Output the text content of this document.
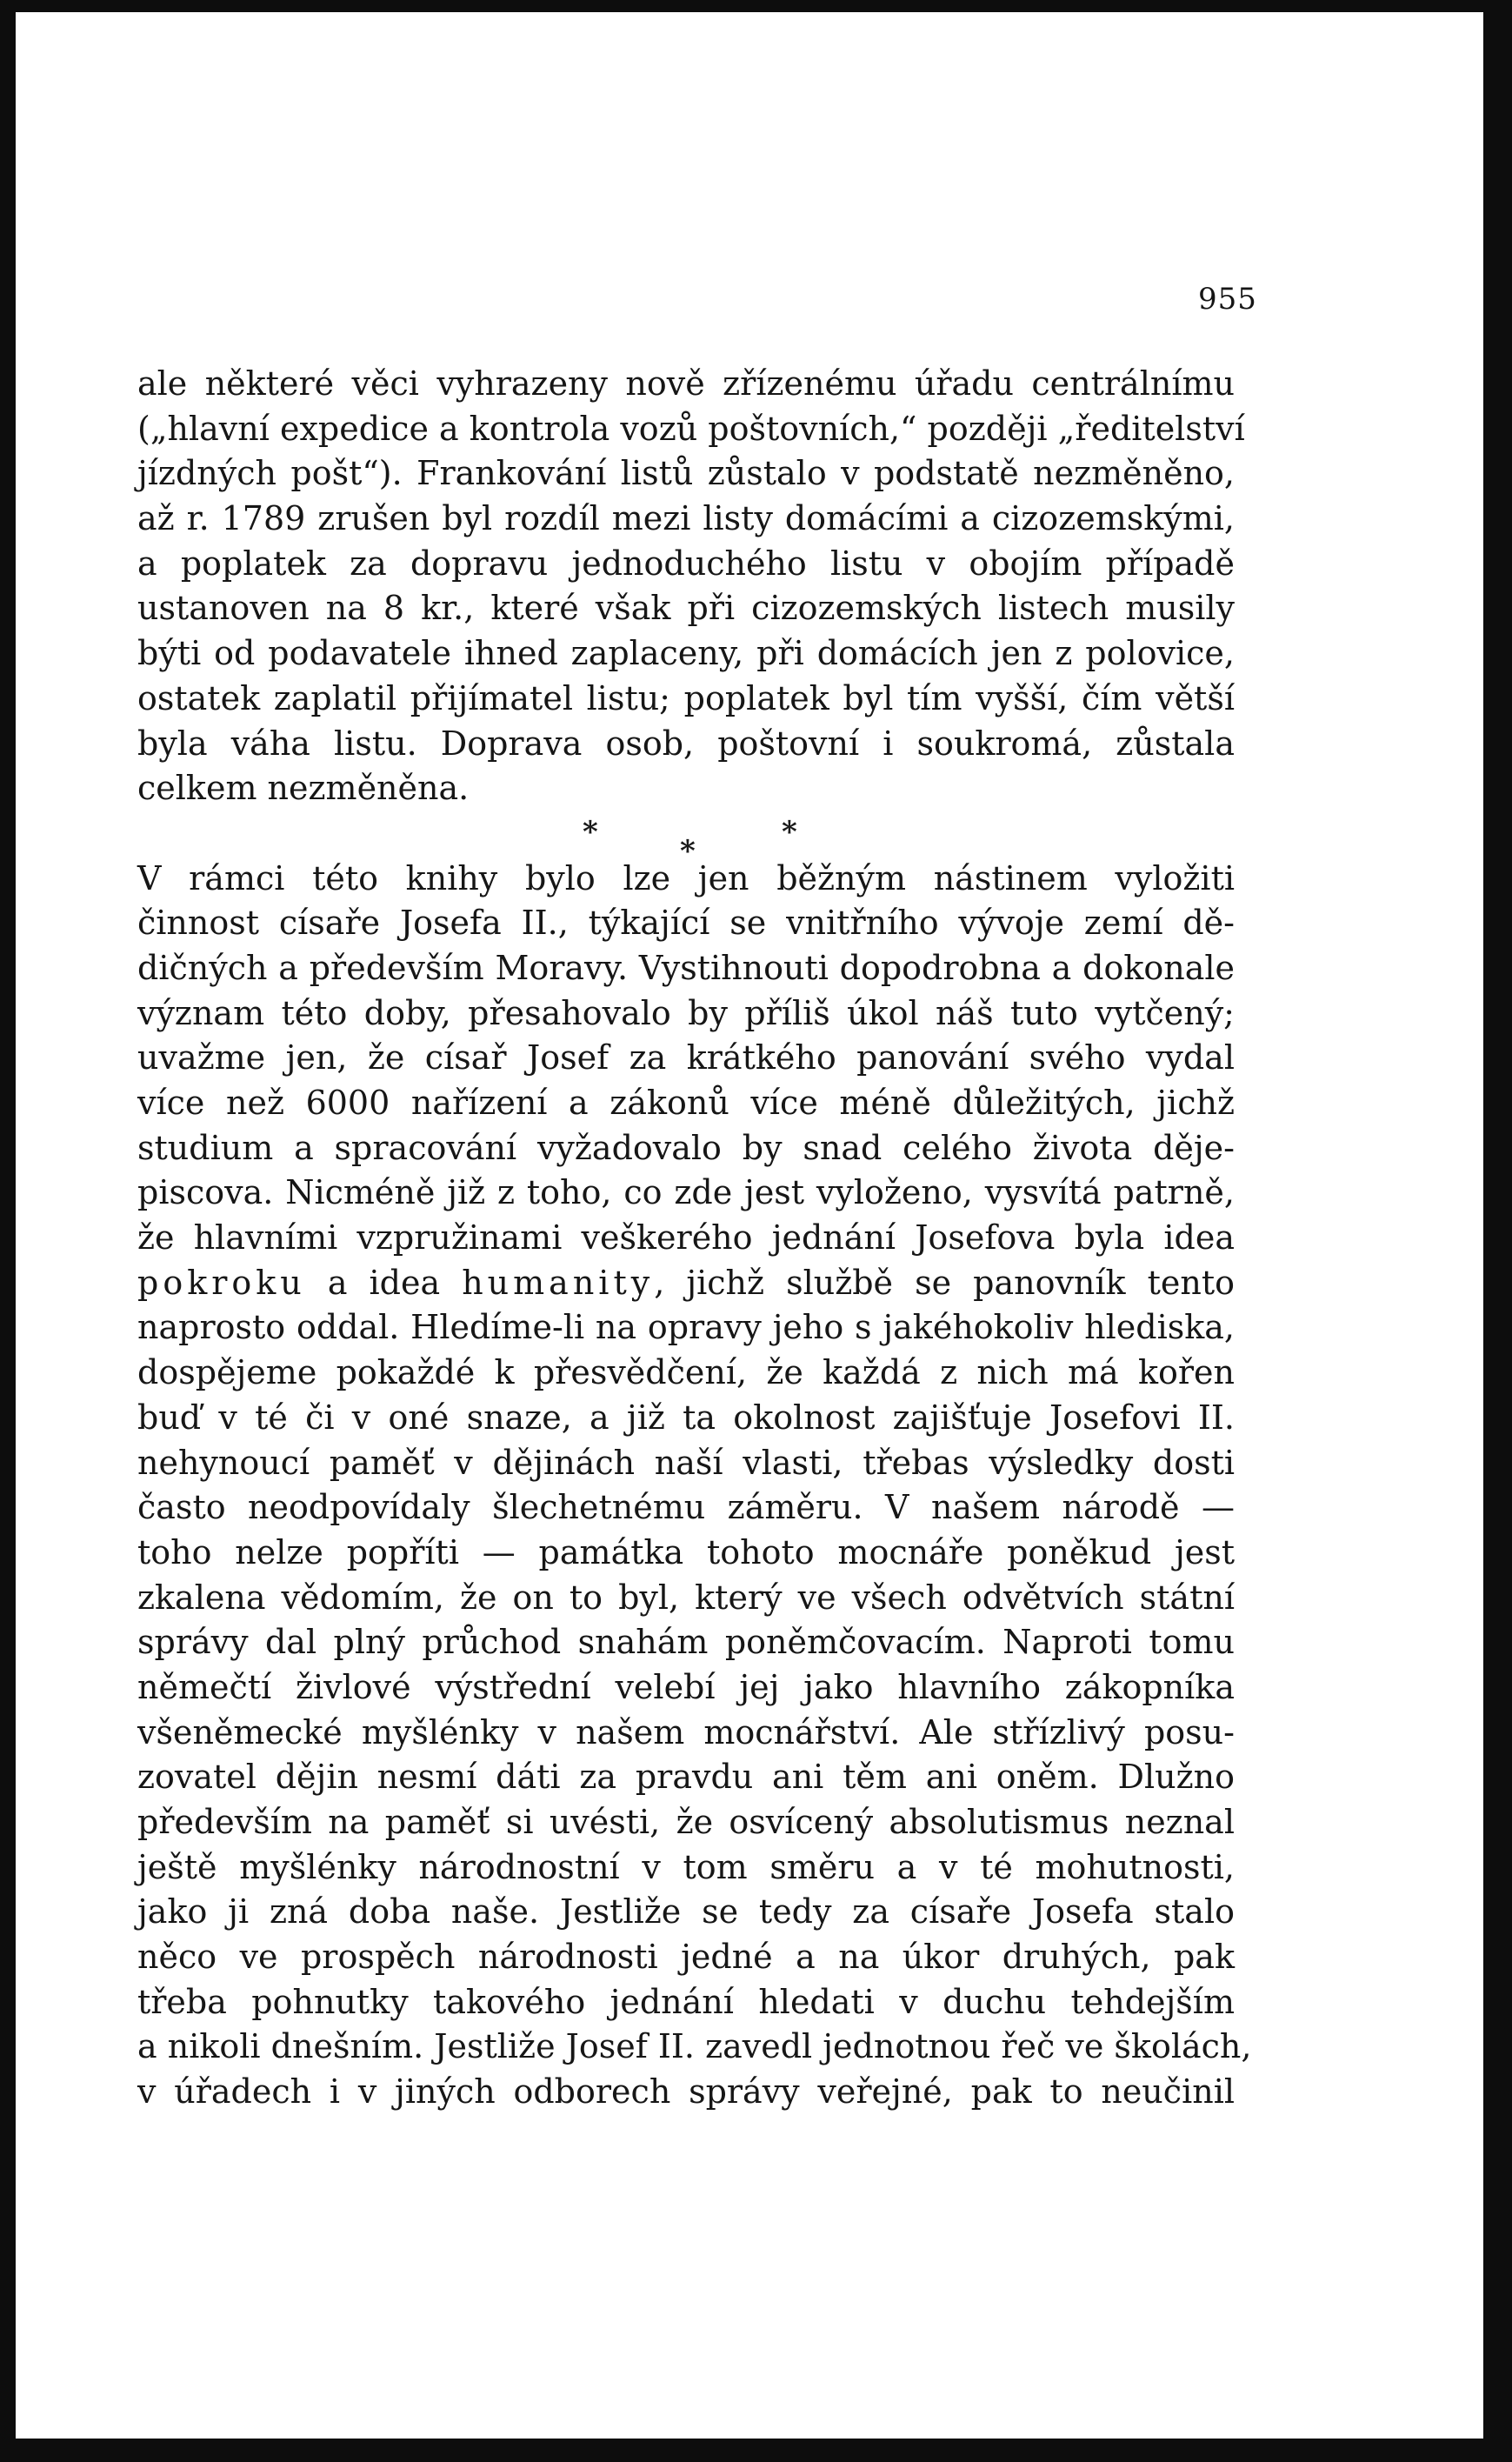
955
ale některé věci vyhrazeny nově zřízenému úřadu centrálnímu
(„hlavní expedice a kontrola vozů poštovních,“ později „ředitelství
jízdných pošt“). Frankování listů zůstalo v podstatě nezměněno,
až r. 1789 zrušen byl rozdíl mezi listy domácími a cizozemskými,
a poplatek za dopravu jednoduchého listu v obojím případě
ustanoven na 8 kr., které však při cizozemských listech musily
býti od podavatele ihned zaplaceny, při domácích jen z polovice,
ostatek zaplatil přijímatel listu; poplatek byl tím vyšší, čím větší
byla váha listu. Doprava osob, poštovní i soukromá, zůstala
celkem nezměněna.
*
*
*
V rámci této knihy bylo lze jen běžným nástinem vyložiti
činnost císaře Josefa II., týkající se vnitřního vývoje zemí dě-
dičných a především Moravy. Vystihnouti dopodrobna a dokonale
význam této doby, přesahovalo by příliš úkol náš tuto vytčený;
uvažme jen, že císař Josef za krátkého panování svého vydal
více než 6000 nařízení a zákonů více méně důležitých, jichž
studium a spracování vyžadovalo by snad celého života děje-
piscova. Nicméně již z toho, co zde jest vyloženo, vysvítá patrně,
že hlavními vzpružinami veškerého jednání Josefova byla idea
pokroku a idea humanity, jichž službě se panovník tento
naprosto oddal. Hledíme-li na opravy jeho s jakéhokoliv hlediska,
dospějeme pokaždé k přesvědčení, že každá z nich má kořen
buď v té či v oné snaze, a již ta okolnost zajišťuje Josefovi II.
nehynoucí paměť v dějinách naší vlasti, třebas výsledky dosti
často neodpovídaly šlechetnému záměru. V našem národě —
toho nelze popříti — památka tohoto mocnáře poněkud jest
zkalena vědomím, že on to byl, který ve všech odvětvích státní
správy dal plný průchod snahám poněmčovacím. Naproti tomu
němečtí živlové výstřední velebí jej jako hlavního zákopníka
všeněmecké myšlénky v našem mocnářství. Ale střízlivý posu-
zovatel dějin nesmí dáti za pravdu ani těm ani oněm. Dlužno
především na paměť si uvésti, že osvícený absolutismus neznal
ještě myšlénky národnostní v tom směru a v té mohutnosti,
jako ji zná doba naše. Jestliže se tedy za císaře Josefa stalo
něco ve prospěch národnosti jedné a na úkor druhých, pak
třeba pohnutky takového jednání hledati v duchu tehdejším
a nikoli dnešním. Jestliže Josef II. zavedl jednotnou řeč ve školách,
v úřadech i v jiných odborech správy veřejné, pak to neučinil
